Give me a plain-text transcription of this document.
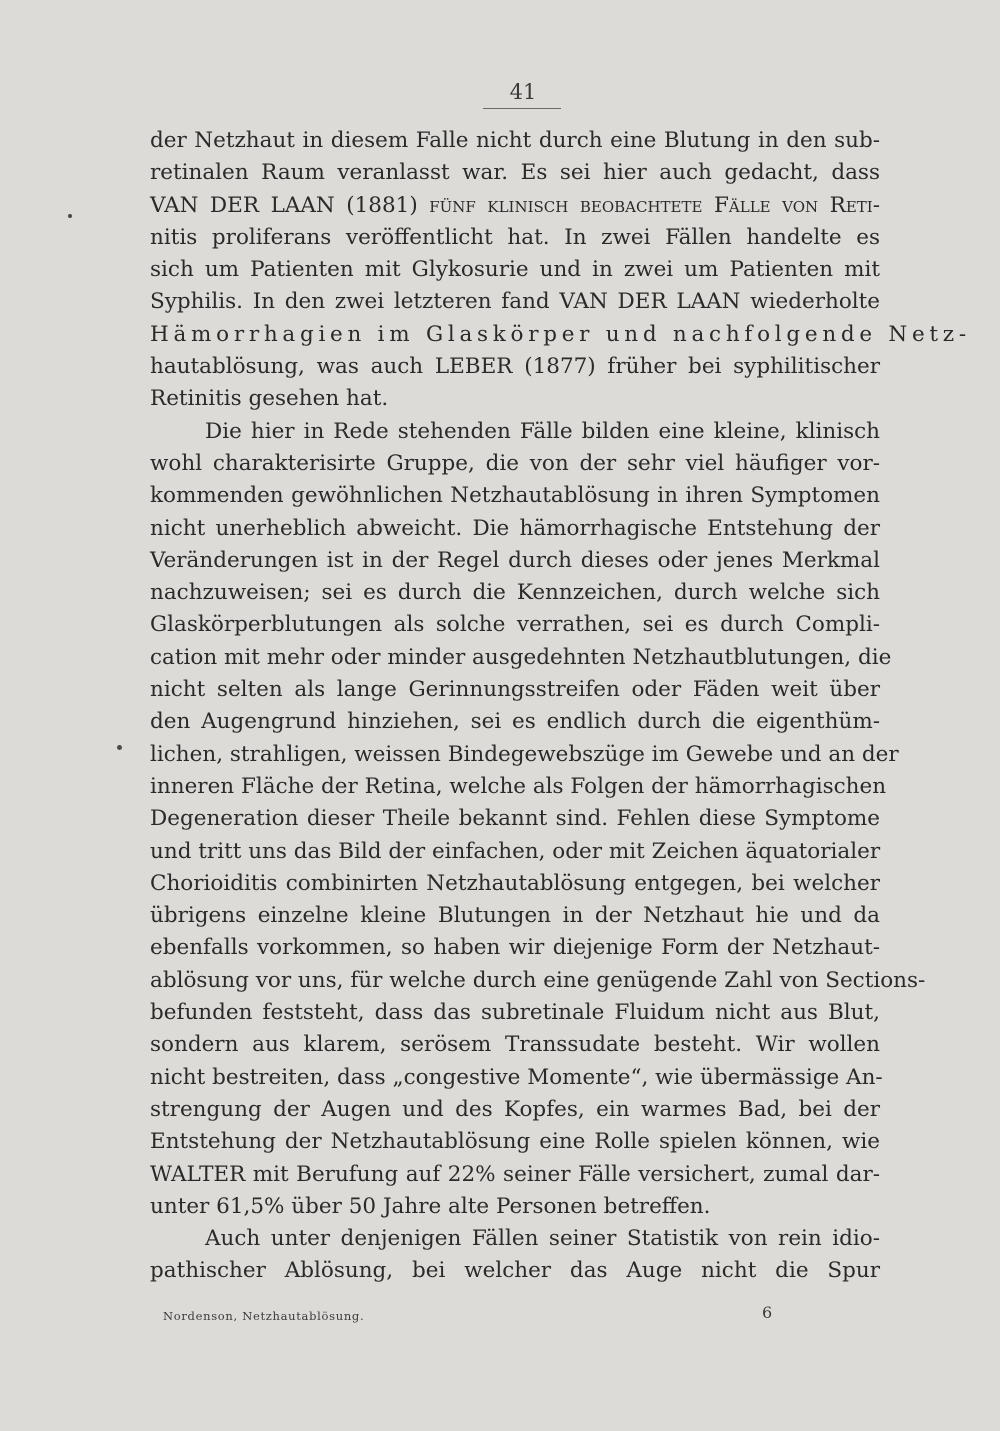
41
der Netzhaut in diesem Falle nicht durch eine Blutung in den sub-
retinalen Raum veranlasst war. Es sei hier auch gedacht, dass
VAN DER LAAN (1881) fünf klinisch beobachtete Fälle von Reti-
nitis proliferans veröffentlicht hat. In zwei Fällen handelte es
sich um Patienten mit Glykosurie und in zwei um Patienten mit
Syphilis. In den zwei letzteren fand VAN DER LAAN wiederholte
Hämorrhagien im Glaskörper und nachfolgende Netz-
hautablösung, was auch LEBER (1877) früher bei syphilitischer
Retinitis gesehen hat.
Die hier in Rede stehenden Fälle bilden eine kleine, klinisch
wohl charakterisirte Gruppe, die von der sehr viel häufiger vor-
kommenden gewöhnlichen Netzhautablösung in ihren Symptomen
nicht unerheblich abweicht. Die hämorrhagische Entstehung der
Veränderungen ist in der Regel durch dieses oder jenes Merkmal
nachzuweisen; sei es durch die Kennzeichen, durch welche sich
Glaskörperblutungen als solche verrathen, sei es durch Compli-
cation mit mehr oder minder ausgedehnten Netzhautblutungen, die
nicht selten als lange Gerinnungsstreifen oder Fäden weit über
den Augengrund hinziehen, sei es endlich durch die eigenthüm-
lichen, strahligen, weissen Bindegewebszüge im Gewebe und an der
inneren Fläche der Retina, welche als Folgen der hämorrhagischen
Degeneration dieser Theile bekannt sind. Fehlen diese Symptome
und tritt uns das Bild der einfachen, oder mit Zeichen äquatorialer
Chorioiditis combinirten Netzhautablösung entgegen, bei welcher
übrigens einzelne kleine Blutungen in der Netzhaut hie und da
ebenfalls vorkommen, so haben wir diejenige Form der Netzhaut-
ablösung vor uns, für welche durch eine genügende Zahl von Sections-
befunden feststeht, dass das subretinale Fluidum nicht aus Blut,
sondern aus klarem, serösem Transsudate besteht. Wir wollen
nicht bestreiten, dass „congestive Momente“, wie übermässige An-
strengung der Augen und des Kopfes, ein warmes Bad, bei der
Entstehung der Netzhautablösung eine Rolle spielen können, wie
WALTER mit Berufung auf 22% seiner Fälle versichert, zumal dar-
unter 61,5% über 50 Jahre alte Personen betreffen.
Auch unter denjenigen Fällen seiner Statistik von rein idio-
pathischer Ablösung, bei welcher das Auge nicht die Spur
Nordenson, Netzhautablösung.	6
